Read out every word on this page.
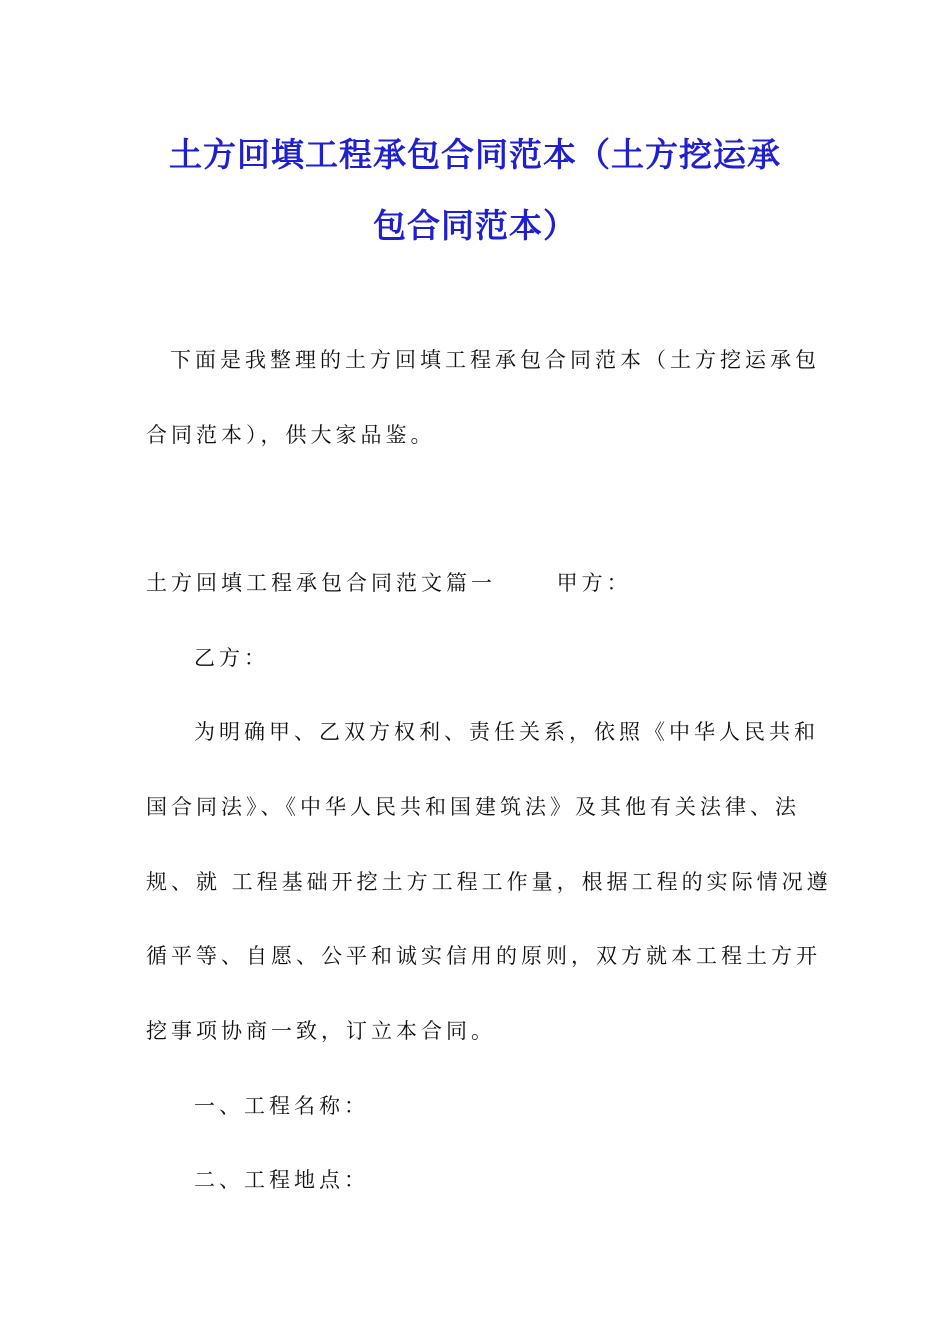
土方回填工程承包合同范本（土方挖运承
包合同范本）
下面是我整理的土方回填工程承包合同范本（土方挖运承包
合同范本），供大家品鉴。
土方回填工程承包合同范文篇一　　 甲方：
乙方：
为明确甲、乙双方权利、责任关系，依照《中华人民共和
国合同法》、《中华人民共和国建筑法》及其他有关法律、法
规、就 工程基础开挖土方工程工作量，根据工程的实际情况遵
循平等、自愿、公平和诚实信用的原则，双方就本工程土方开
挖事项协商一致，订立本合同。
一、工程名称：
二、工程地点：
